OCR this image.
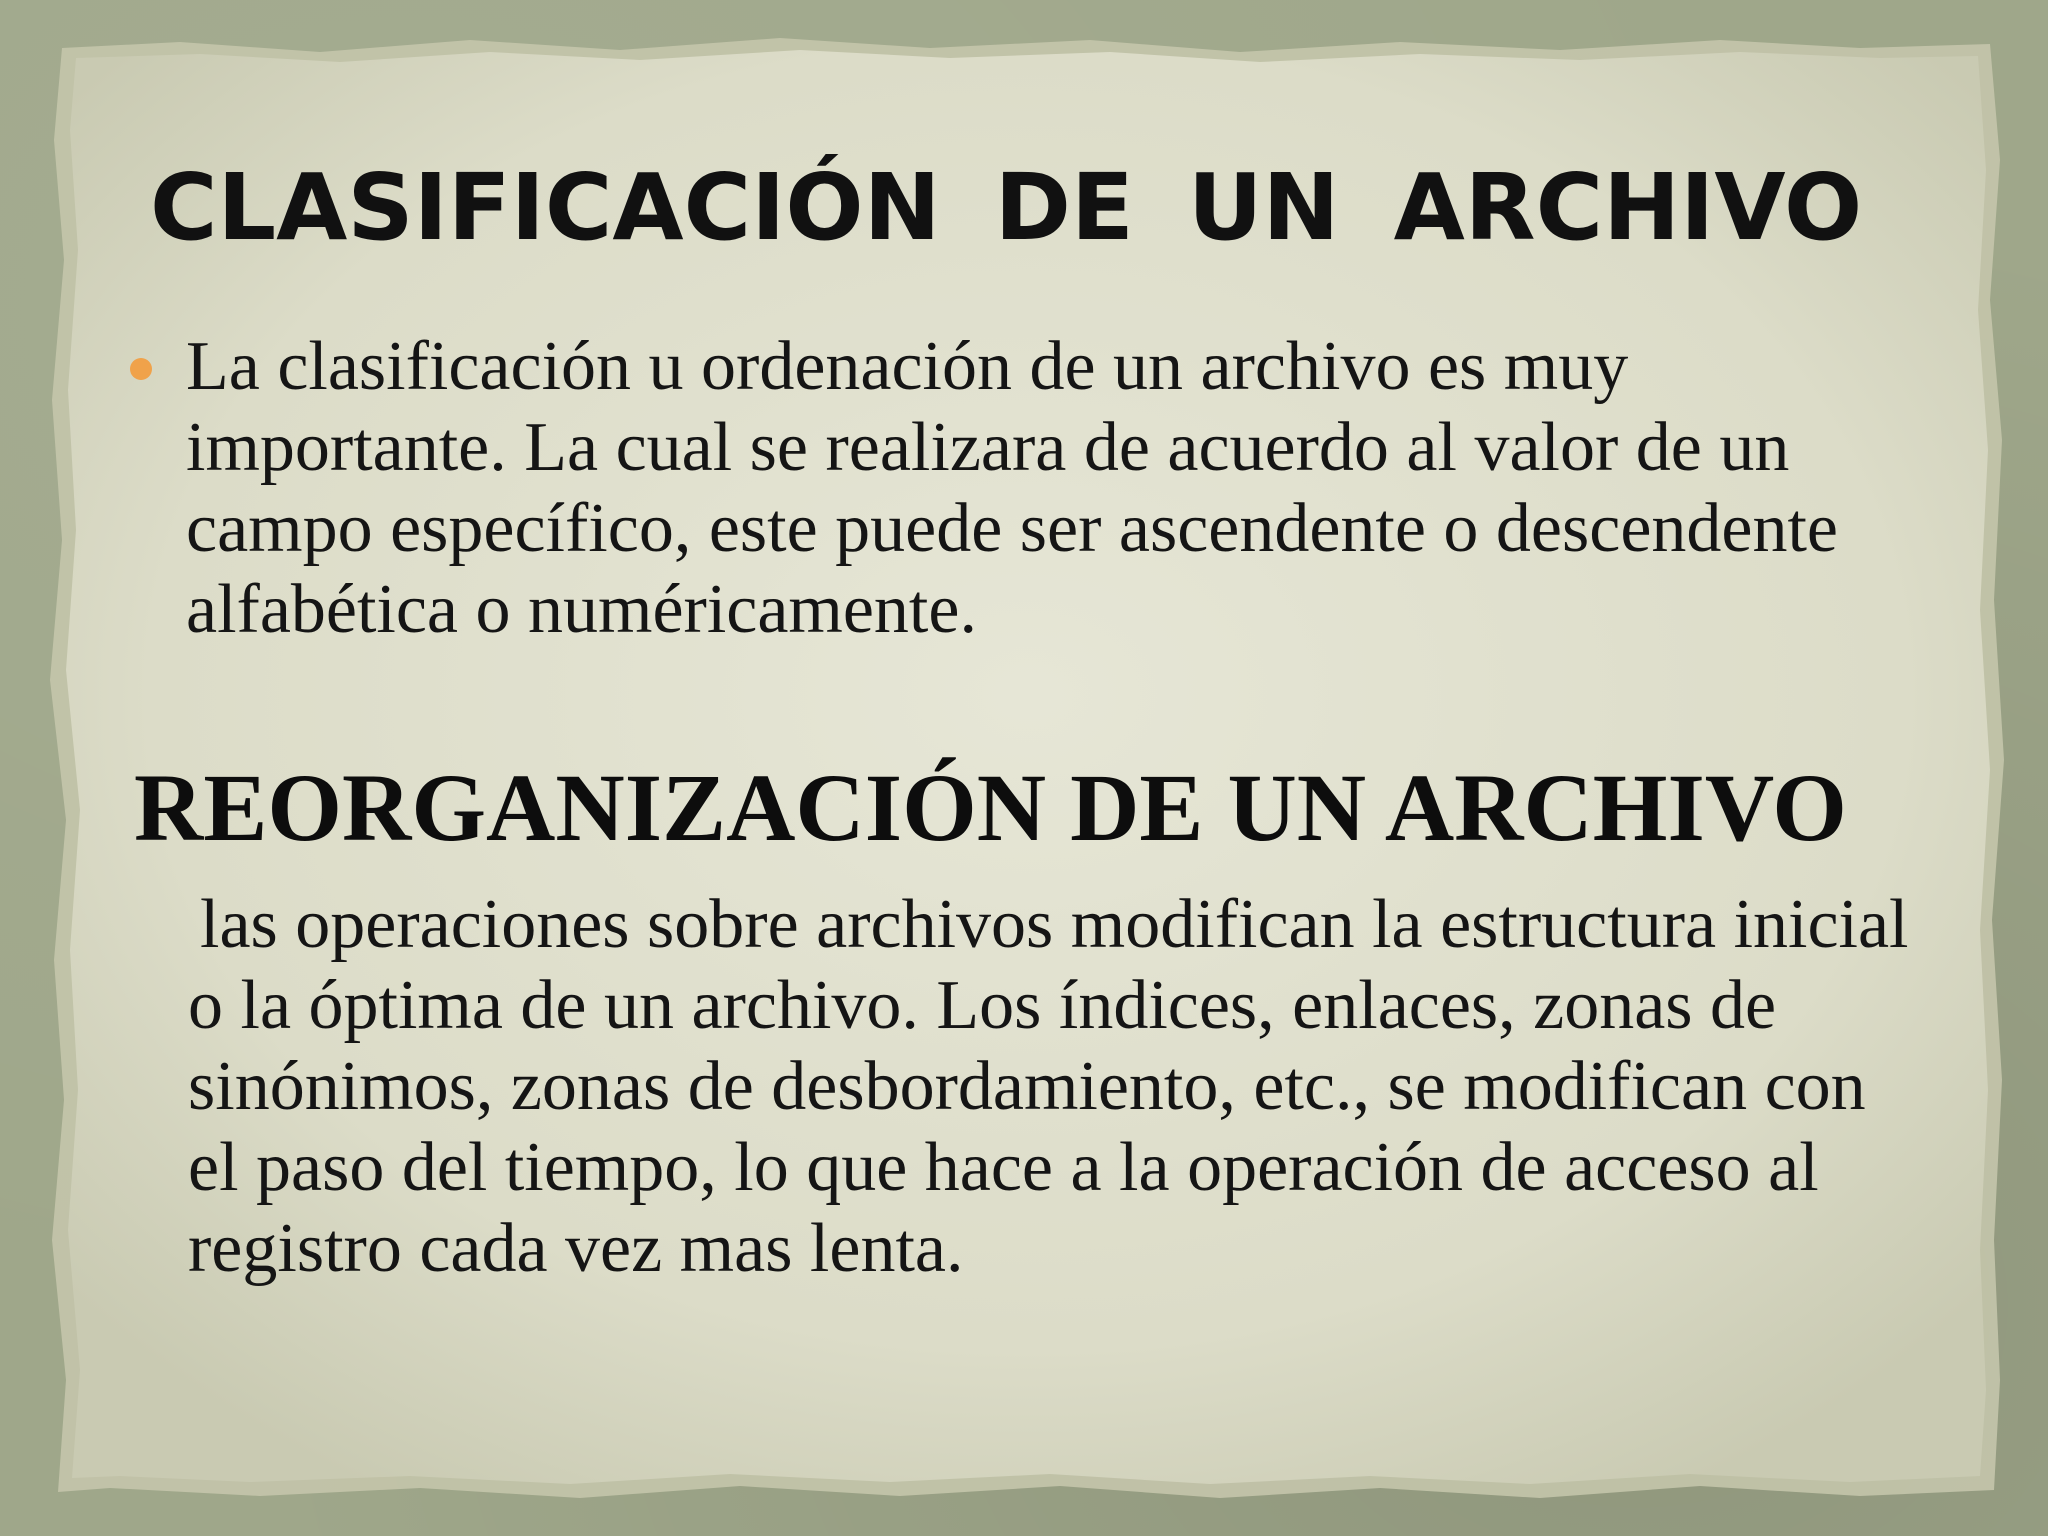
CLASIFICACIÓN DE UN ARCHIVO

La clasificación u ordenación de un archivo es muy importante. La cual se realizara de acuerdo al valor de un campo específico, este puede ser ascendente o descendente alfabética o numéricamente.

REORGANIZACIÓN DE UN ARCHIVO

las operaciones sobre archivos modifican la estructura inicial o la óptima de un archivo. Los índices, enlaces, zonas de sinónimos, zonas de desbordamiento, etc., se modifican con el paso del tiempo, lo que hace a la operación de acceso al registro cada vez mas lenta.
